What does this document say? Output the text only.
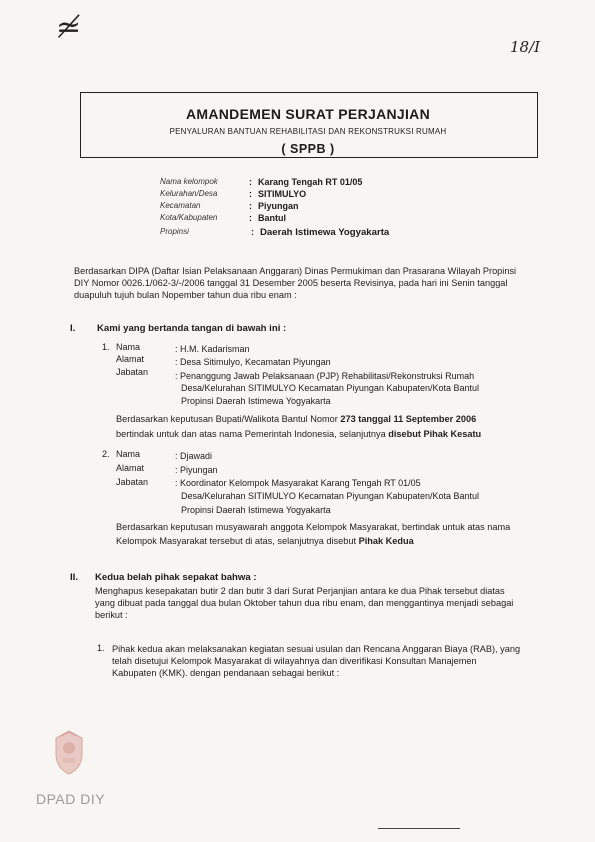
≄
18/I
AMANDEMEN SURAT PERJANJIAN
PENYALURAN BANTUAN REHABILITASI DAN REKONSTRUKSI RUMAH
( SPPB )
Nama kelompok	: Karang Tengah RT 01/05
Kelurahan/Desa	: SITIMULYO
Kecamatan	: Piyungan
Kota/Kabupaten	: Bantul
Propinsi	: Daerah Istimewa Yogyakarta
Berdasarkan DIPA (Daftar Isian Pelaksanaan Anggaran) Dinas Permukiman dan Prasarana Wilayah Propinsi
DIY Nomor 0026.1/062-3/-/2006 tanggal 31 Desember 2005 beserta Revisinya, pada hari ini Senin tanggal
duapuluh tujuh bulan Nopember tahun dua ribu enam :
I. Kami yang bertanda tangan di bawah ini :
1. Nama	: H.M. Kadarisman
Alamat	: Desa Sitimulyo, Kecamatan Piyungan
Jabatan	: Penanggung Jawab Pelaksanaan (PJP) Rehabilitasi/Rekonstruksi Rumah
Desa/Kelurahan SITIMULYO Kecamatan Piyungan Kabupaten/Kota Bantul
Propinsi Daerah Istimewa Yogyakarta
Berdasarkan keputusan Bupati/Walikota Bantul Nomor 273 tanggal 11 September 2006
bertindak untuk dan atas nama Pemerintah Indonesia, selanjutnya disebut Pihak Kesatu
2. Nama	: Djawadi
Alamat	: Piyungan
Jabatan	: Koordinator Kelompok Masyarakat Karang Tengah RT 01/05
Desa/Kelurahan SITIMULYO Kecamatan Piyungan Kabupaten/Kota Bantul
Propinsi Daerah Istimewa Yogyakarta
Berdasarkan keputusan musyawarah anggota Kelompok Masyarakat, bertindak untuk atas nama
Kelompok Masyarakat tersebut di atas, selanjutnya disebut Pihak Kedua
II. Kedua belah pihak sepakat bahwa :
Menghapus kesepakatan butir 2 dan butir 3 dari Surat Perjanjian antara ke dua Pihak tersebut diatas
yang dibuat pada tanggal dua bulan Oktober tahun dua ribu enam, dan menggantinya menjadi sebagai
berikut :
1. Pihak kedua akan melaksanakan kegiatan sesuai usulan dan Rencana Anggaran Biaya (RAB), yang
telah disetujui Kelompok Masyarakat di wilayahnya dan diverifikasi Konsultan Manajemen
Kabupaten (KMK). dengan pendanaan sebagai berikut :
DPAD DIY
